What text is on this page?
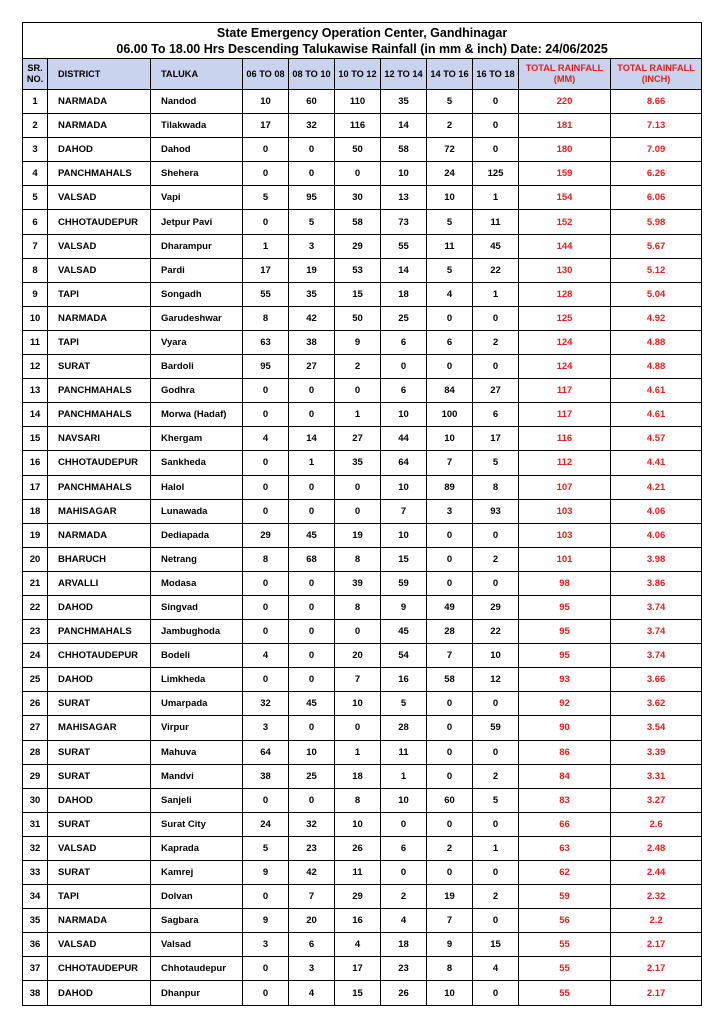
State Emergency Operation Center, Gandhinagar
06.00 To 18.00 Hrs Descending Talukawise Rainfall (in mm & inch) Date: 24/06/2025										

SR. NO.	DISTRICT	TALUKA	06 TO 08	08 TO 10	10 TO 12	12 TO 14	14 TO 16	16 TO 18	TOTAL RAINFALL (MM)	TOTAL RAINFALL (INCH)
1	NARMADA	Nandod	10	60	110	35	5	0	220	8.66
2	NARMADA	Tilakwada	17	32	116	14	2	0	181	7.13
3	DAHOD	Dahod	0	0	50	58	72	0	180	7.09
4	PANCHMAHALS	Shehera	0	0	0	10	24	125	159	6.26
5	VALSAD	Vapi	5	95	30	13	10	1	154	6.06
6	CHHOTAUDEPUR	Jetpur Pavi	0	5	58	73	5	11	152	5.98
7	VALSAD	Dharampur	1	3	29	55	11	45	144	5.67
8	VALSAD	Pardi	17	19	53	14	5	22	130	5.12
9	TAPI	Songadh	55	35	15	18	4	1	128	5.04
10	NARMADA	Garudeshwar	8	42	50	25	0	0	125	4.92
11	TAPI	Vyara	63	38	9	6	6	2	124	4.88
12	SURAT	Bardoli	95	27	2	0	0	0	124	4.88
13	PANCHMAHALS	Godhra	0	0	0	6	84	27	117	4.61
14	PANCHMAHALS	Morwa (Hadaf)	0	0	1	10	100	6	117	4.61
15	NAVSARI	Khergam	4	14	27	44	10	17	116	4.57
16	CHHOTAUDEPUR	Sankheda	0	1	35	64	7	5	112	4.41
17	PANCHMAHALS	Halol	0	0	0	10	89	8	107	4.21
18	MAHISAGAR	Lunawada	0	0	0	7	3	93	103	4.06
19	NARMADA	Dediapada	29	45	19	10	0	0	103	4.06
20	BHARUCH	Netrang	8	68	8	15	0	2	101	3.98
21	ARVALLI	Modasa	0	0	39	59	0	0	98	3.86
22	DAHOD	Singvad	0	0	8	9	49	29	95	3.74
23	PANCHMAHALS	Jambughoda	0	0	0	45	28	22	95	3.74
24	CHHOTAUDEPUR	Bodeli	4	0	20	54	7	10	95	3.74
25	DAHOD	Limkheda	0	0	7	16	58	12	93	3.66
26	SURAT	Umarpada	32	45	10	5	0	0	92	3.62
27	MAHISAGAR	Virpur	3	0	0	28	0	59	90	3.54
28	SURAT	Mahuva	64	10	1	11	0	0	86	3.39
29	SURAT	Mandvi	38	25	18	1	0	2	84	3.31
30	DAHOD	Sanjeli	0	0	8	10	60	5	83	3.27
31	SURAT	Surat City	24	32	10	0	0	0	66	2.6
32	VALSAD	Kaprada	5	23	26	6	2	1	63	2.48
33	SURAT	Kamrej	9	42	11	0	0	0	62	2.44
34	TAPI	Dolvan	0	7	29	2	19	2	59	2.32
35	NARMADA	Sagbara	9	20	16	4	7	0	56	2.2
36	VALSAD	Valsad	3	6	4	18	9	15	55	2.17
37	CHHOTAUDEPUR	Chhotaudepur	0	3	17	23	8	4	55	2.17
38	DAHOD	Dhanpur	0	4	15	26	10	0	55	2.17
